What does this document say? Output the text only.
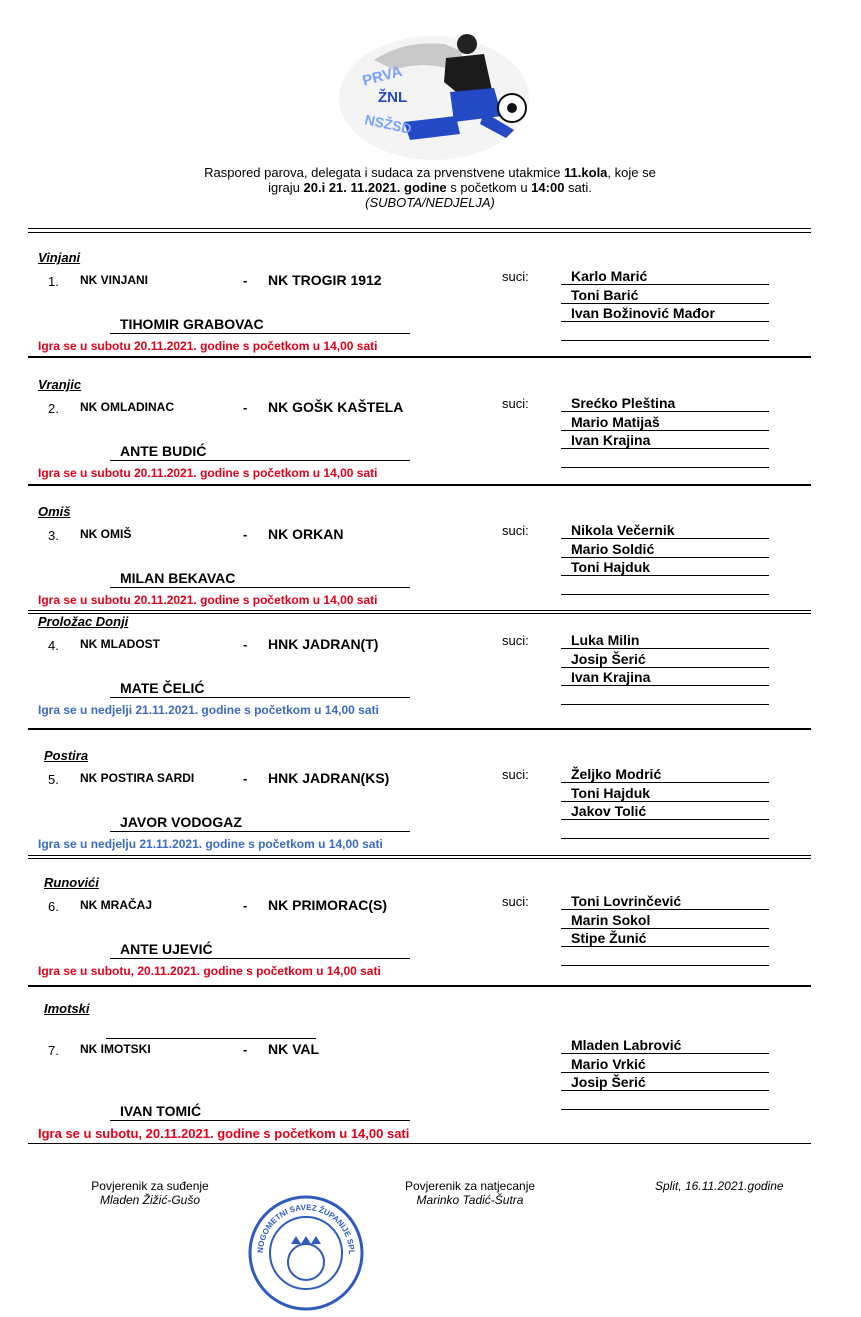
PRVA
ŽNL
NSŽSD
Raspored parova, delegata i sudaca za prvenstvene utakmice 11.kola, koje se
igraju 20.i 21. 11.2021. godine s početkom u 14:00 sati.
(SUBOTA/NEDJELJA)
Vinjani
1. NK VINJANI	- NK TROGIR 1912	suci:	Karlo Marić
Toni Barić
Ivan Božinović Mađor
TIHOMIR GRABOVAC
Igra se u subotu 20.11.2021. godine s početkom u 14,00 sati
Vranjic
2. NK OMLADINAC	- NK GOŠK KAŠTELA	suci:	Srećko Pleština
Mario Matijaš
Ivan Krajina
ANTE BUDIĆ
Igra se u subotu 20.11.2021. godine s početkom u 14,00 sati
Omiš
3. NK OMIŠ	- NK ORKAN	suci:	Nikola Večernik
Mario Soldić
Toni Hajduk
MILAN BEKAVAC
Igra se u subotu 20.11.2021. godine s početkom u 14,00 sati
Proložac Donji
4. NK MLADOST	- HNK JADRAN(T)	suci:	Luka Milin
Josip Šerić
Ivan Krajina
MATE ČELIĆ
Igra se u nedjelji 21.11.2021. godine s početkom u 14,00 sati
Postira
5. NK POSTIRA SARDI	- HNK JADRAN(KS)	suci:	Željko Modrić
Toni Hajduk
Jakov Tolić
JAVOR VODOGAZ
Igra se u nedjelju 21.11.2021. godine s početkom u 14,00 sati
Runovići
6. NK MRAČAJ	- NK PRIMORAC(S)	suci:	Toni Lovrinčević
Marin Sokol
Stipe Žunić
ANTE UJEVIĆ
Igra se u subotu, 20.11.2021. godine s početkom u 14,00 sati
Imotski
7. NK IMOTSKI	- NK VAL	Mladen Labrović
Mario Vrkić
Josip Šerić
IVAN TOMIĆ
Igra se u subotu, 20.11.2021. godine s početkom u 14,00 sati
Povjerenik za suđenje
Mladen Žižić-Gušo
Povjerenik za natjecanje
Marinko Tadić-Šutra
Split, 16.11.2021.godine
NOGOMETNI SAVEZ ŽUPANIJE SPL
